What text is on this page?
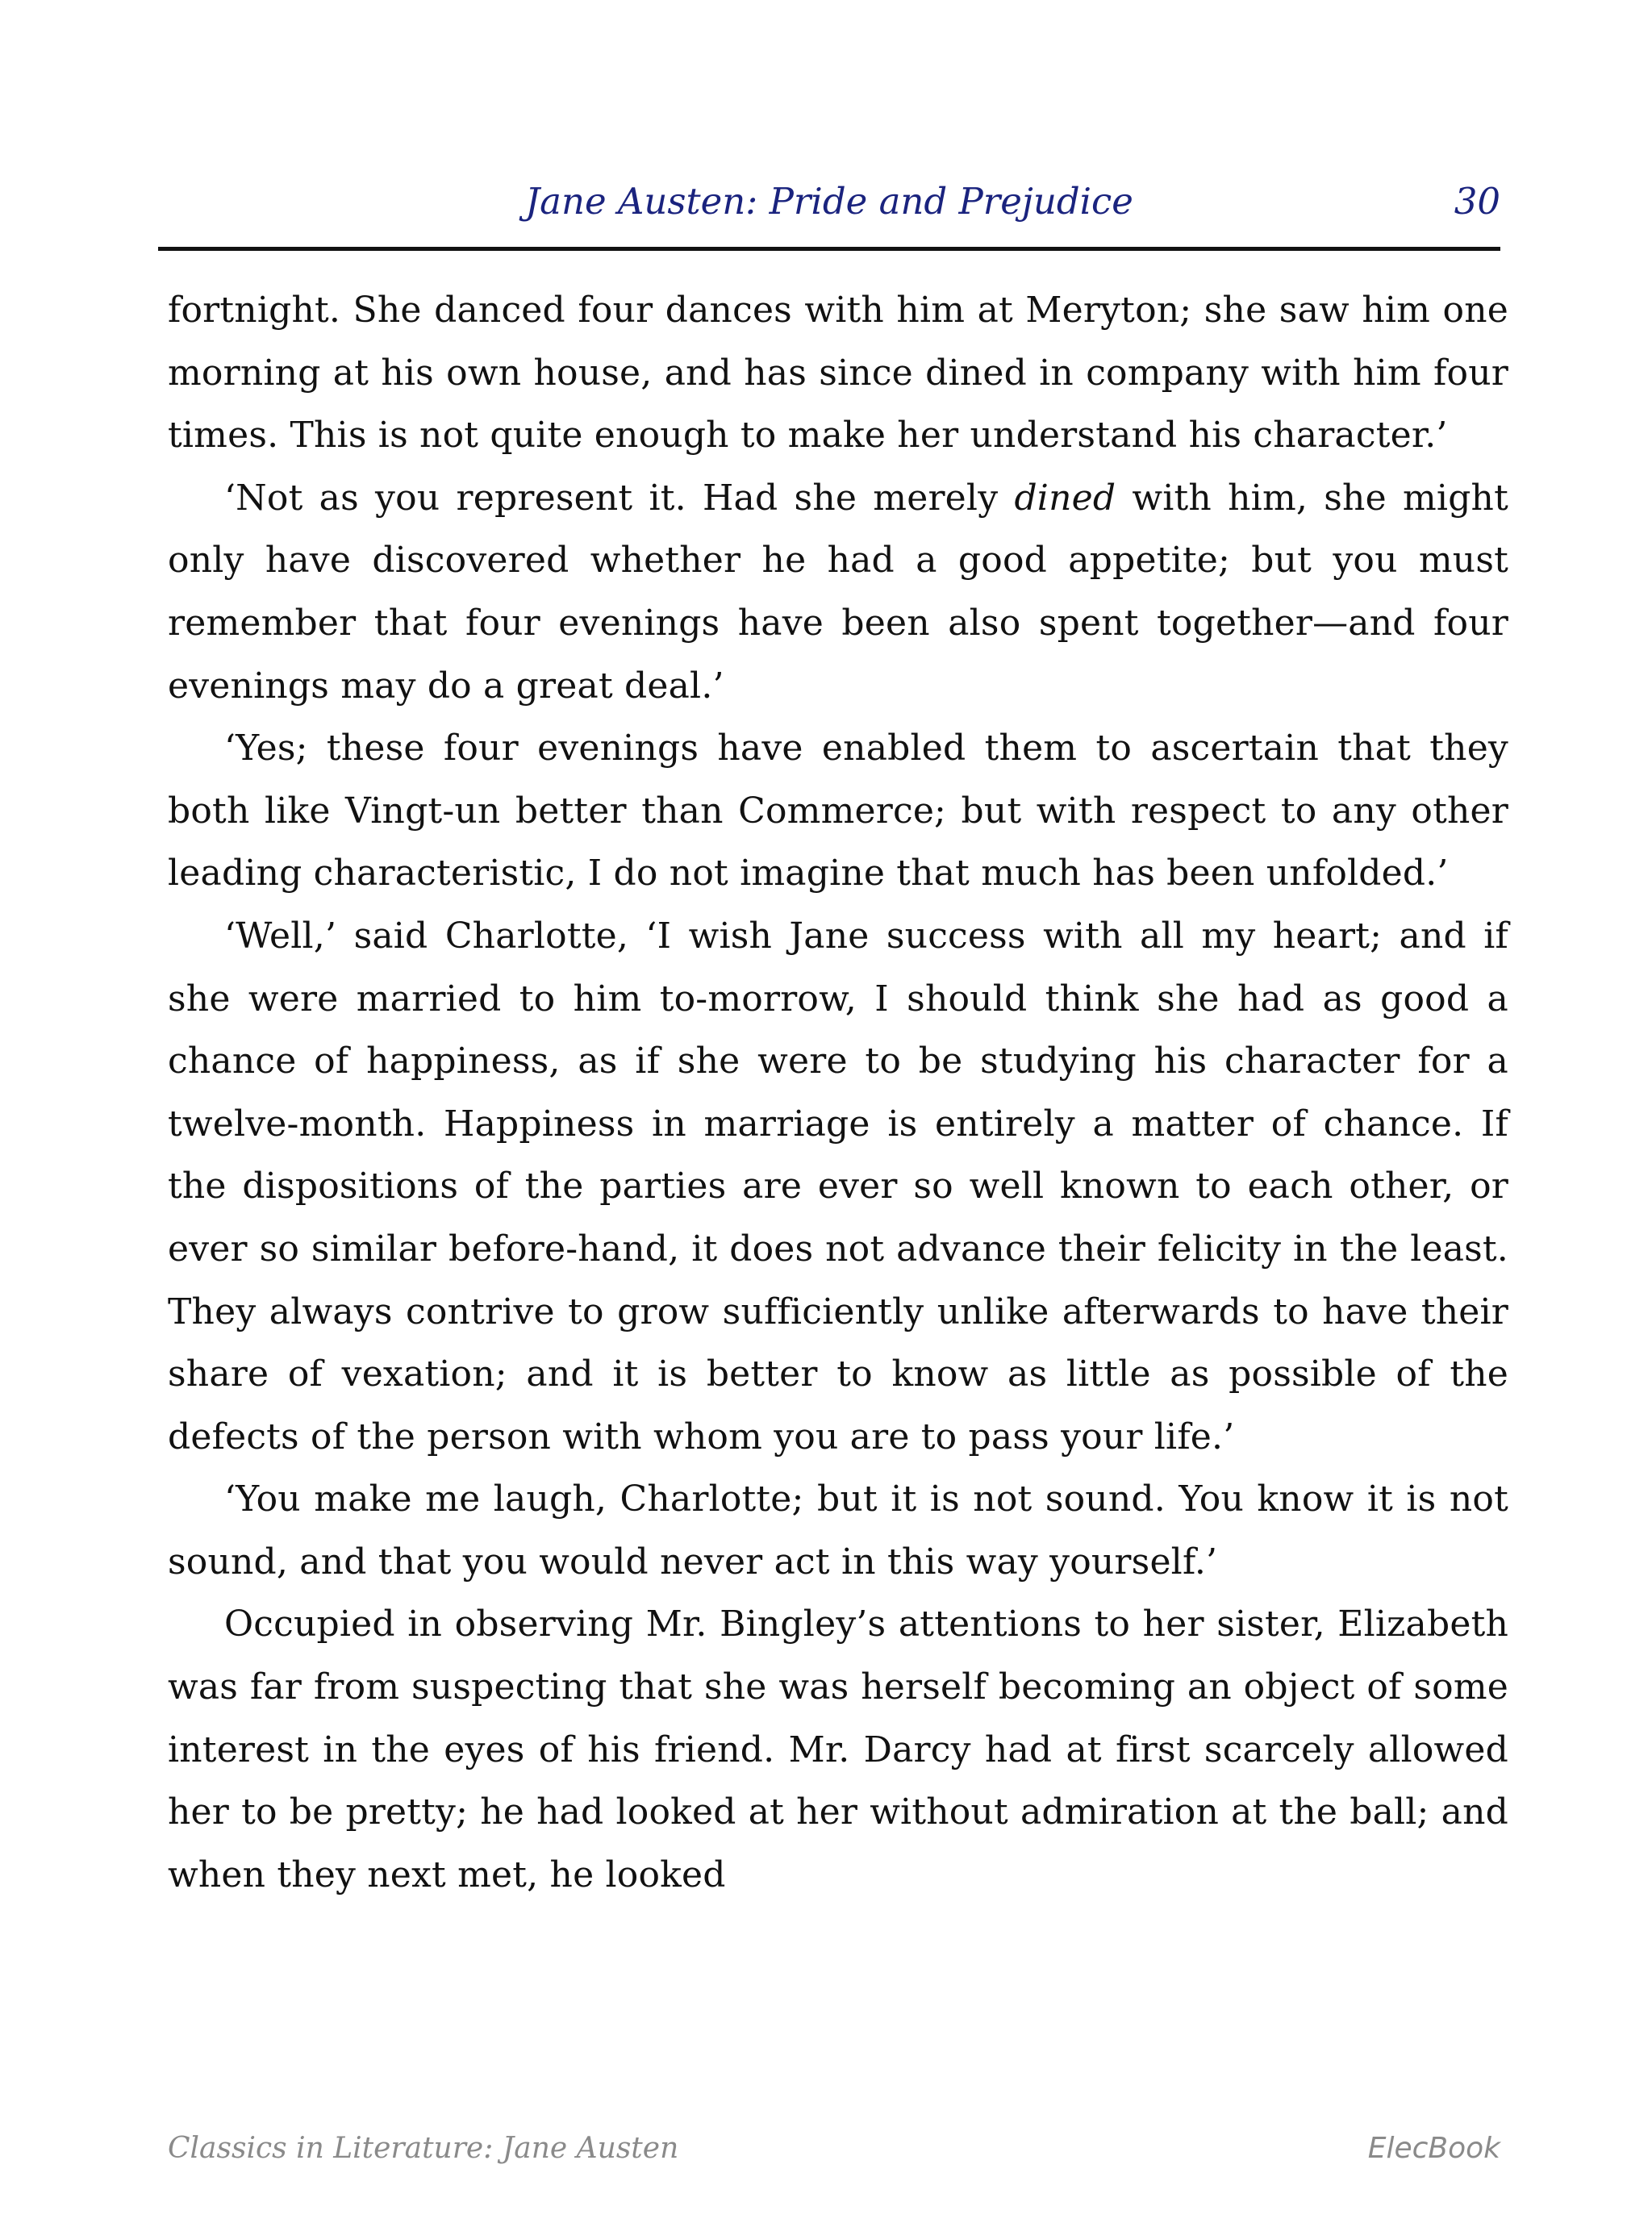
Jane Austen: Pride and Prejudice	30

fortnight. She danced four dances with him at Meryton; she saw him one morning at his own house, and has since dined in company with him four times. This is not quite enough to make her understand his character.’

‘Not as you represent it. Had she merely dined with him, she might only have discovered whether he had a good appetite; but you must remember that four evenings have been also spent together—and four evenings may do a great deal.’

‘Yes; these four evenings have enabled them to ascertain that they both like Vingt-un better than Commerce; but with respect to any other leading characteristic, I do not imagine that much has been unfolded.’

‘Well,’ said Charlotte, ‘I wish Jane success with all my heart; and if she were married to him to-morrow, I should think she had as good a chance of happiness, as if she were to be studying his character for a twelve-month. Happiness in marriage is entirely a matter of chance. If the dispositions of the parties are ever so well known to each other, or ever so similar before-hand, it does not advance their felicity in the least. They always contrive to grow sufficiently unlike afterwards to have their share of vexation; and it is better to know as little as possible of the defects of the person with whom you are to pass your life.’

‘You make me laugh, Charlotte; but it is not sound. You know it is not sound, and that you would never act in this way yourself.’

Occupied in observing Mr. Bingley’s attentions to her sister, Elizabeth was far from suspecting that she was herself becoming an object of some interest in the eyes of his friend. Mr. Darcy had at first scarcely allowed her to be pretty; he had looked at her without admiration at the ball; and when they next met, he looked

Classics in Literature: Jane Austen	ElecBook
